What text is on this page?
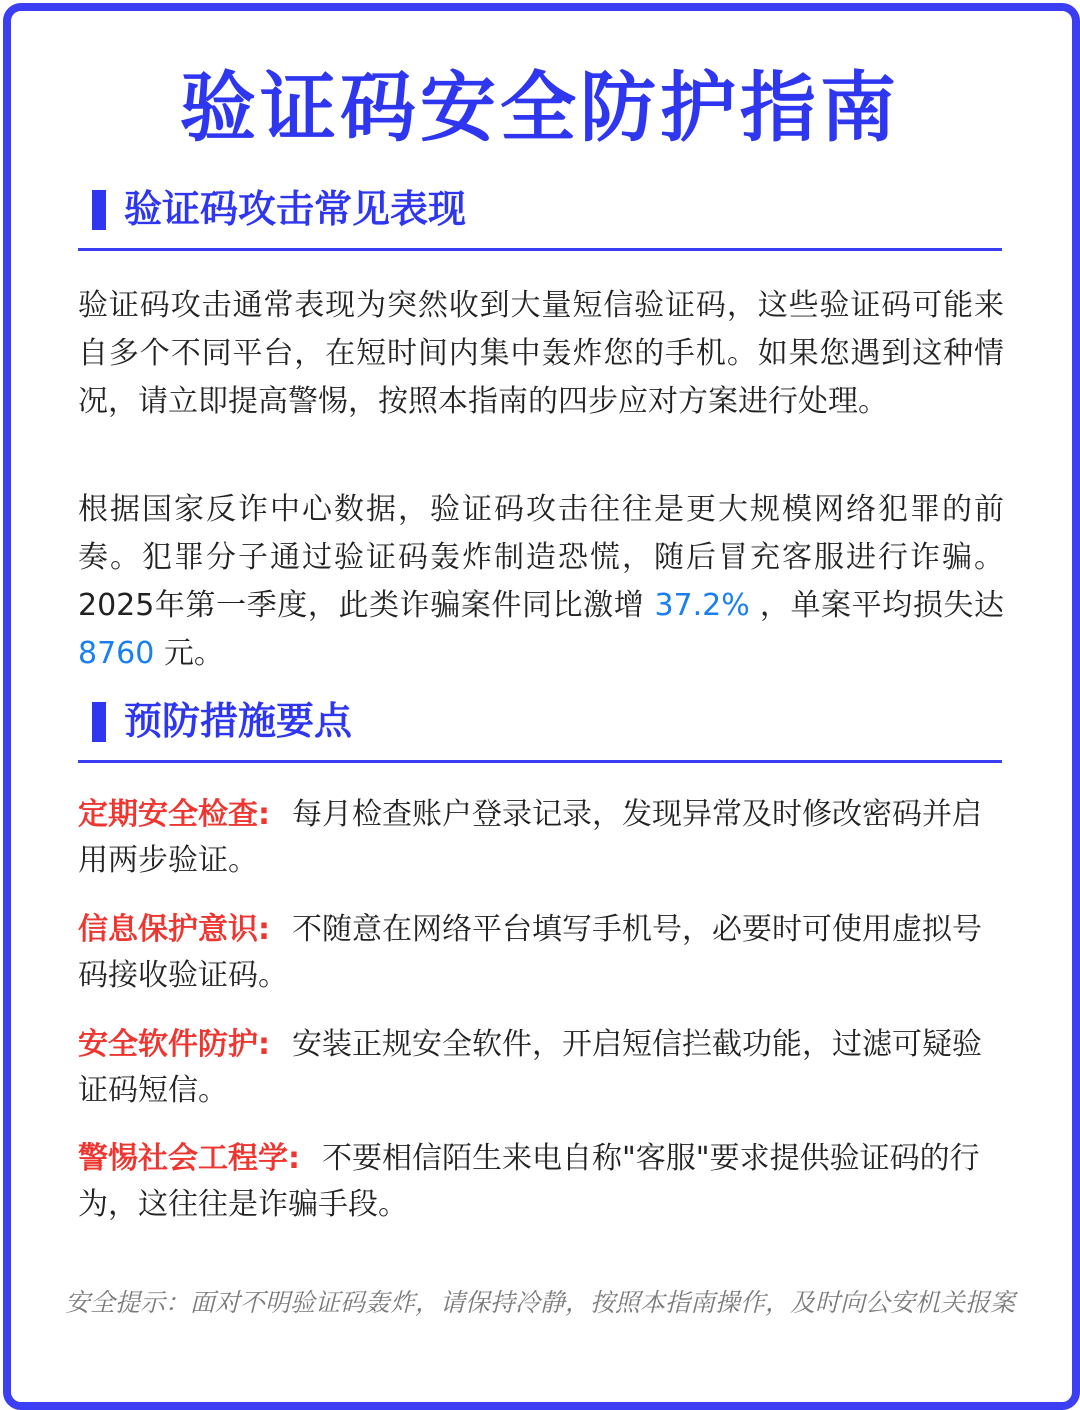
验证码安全防护指南
验证码攻击常见表现
验证码攻击通常表现为突然收到大量短信验证码，这些验证码可能来自多个不同平台，在短时间内集中轰炸您的手机。如果您遇到这种情况，请立即提高警惕，按照本指南的四步应对方案进行处理。
根据国家反诈中心数据，验证码攻击往往是更大规模网络犯罪的前奏。犯罪分子通过验证码轰炸制造恐慌，随后冒充客服进行诈骗。2025年第一季度，此类诈骗案件同比激增 37.2% ，单案平均损失达 8760 元。
预防措施要点
定期安全检查: 每月检查账户登录记录，发现异常及时修改密码并启用两步验证。
信息保护意识: 不随意在网络平台填写手机号，必要时可使用虚拟号码接收验证码。
安全软件防护: 安装正规安全软件，开启短信拦截功能，过滤可疑验证码短信。
警惕社会工程学: 不要相信陌生来电自称"客服"要求提供验证码的行为，这往往是诈骗手段。
安全提示：面对不明验证码轰炸，请保持冷静，按照本指南操作，及时向公安机关报案
